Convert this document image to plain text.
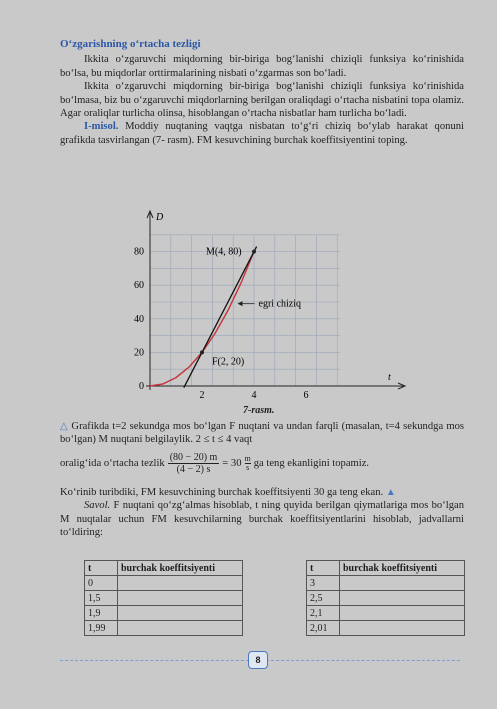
O‘zgarishning o‘rtacha tezligi

Ikkita o‘zgaruvchi miqdorning bir-biriga bog‘lanishi chiziqli funksiya ko‘rinishida bo‘lsa, bu miqdorlar orttirmalarining nisbati o‘zgarmas son bo‘ladi.

Ikkita o‘zgaruvchi miqdorning bir-biriga bog‘lanishi chiziqli funksiya ko‘rinishida bo‘lmasa, biz bu o‘zgaruvchi miqdorlarning berilgan oraliqdagi o‘rtacha nisbatini topa olamiz. Agar oraliqlar turlicha olinsa, hisoblangan o‘rtacha nisbatlar ham turlicha bo‘ladi.

I-misol. Moddiy nuqtaning vaqtga nisbatan to‘g‘ri chiziq bo‘ylab harakat qonuni grafikda tasvirlangan (7- rasm). FM kesuvchining burchak koeffitsiyentini toping.

80
60
40
20
0
2	4	6
D
t
M(4, 80)
F(2, 20)
egri chiziq
7-rasm.
△ Grafikda t=2 sekundga mos bo‘lgan F nuqtani va undan farqli (masalan, t=4 sekundga mos bo‘lgan) M nuqtani belgilaylik. 2 ≤ t ≤ 4 vaqt
oralig‘ida o‘rtacha tezlik $\frac{(80 - 20) m}{(4 - 2) s} = 30 \frac{m}{s}$ ga teng ekanligini topamiz.
Ko‘rinib turibdiki, FM kesuvchining burchak koeffitsiyenti 30 ga teng ekan. ▲

Savol. F nuqtani qo‘zg‘almas hisoblab, t ning quyida berilgan qiymatlariga mos bo‘lgan M nuqtalar uchun FM kesuvchilarning burchak koeffitsiyentlarini hisoblab, jadvallarni to‘ldiring:

t	burchak koeffitsiyenti
0	
1,5	
1,9	
1,99	
t	burchak koeffitsiyenti
3	
2,5	
2,1	
2,01	
8
